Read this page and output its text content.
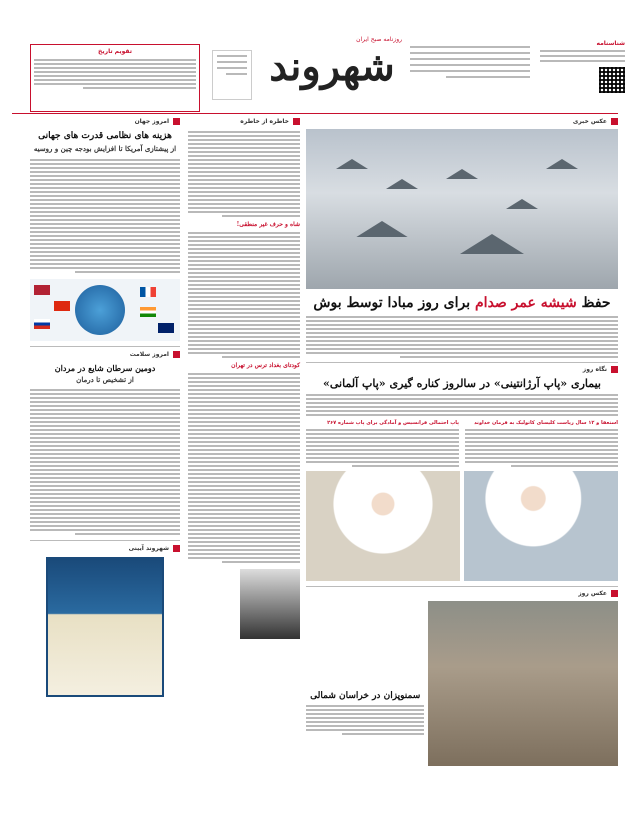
تقویم تاریخ
روزنامه صبح ایران
شهروند	شناسنامه
امروز جهان
هزینه های نظامی قدرت های جهانی
از پیشتازی آمریکا تا افزایش بودجه چین و روسیه
امروز سلامت
دومین سرطان شایع در مردان
از تشخیص تا درمان
شهروند آیینی
خاطره از خاطره
شاه و حرف غیر منطقی!
کودتای بغداد ترس در تهران
عکس خبری
حفظ شیشه عمر صدام برای روز مبادا توسط بوش
نگاه روز
بیماری «پاپ آرژانتینی» در سالروز کناره گیری «پاپ آلمانی»
استعفا و ۱۲ سال ریاست کلیسای کاتولیک به فرمان خداوند
پاپ احتمالی فرانسیس و آمادگی برای پاپ شماره ۲۶۷
عکس روز
سمنوپزان در خراسان شمالی
